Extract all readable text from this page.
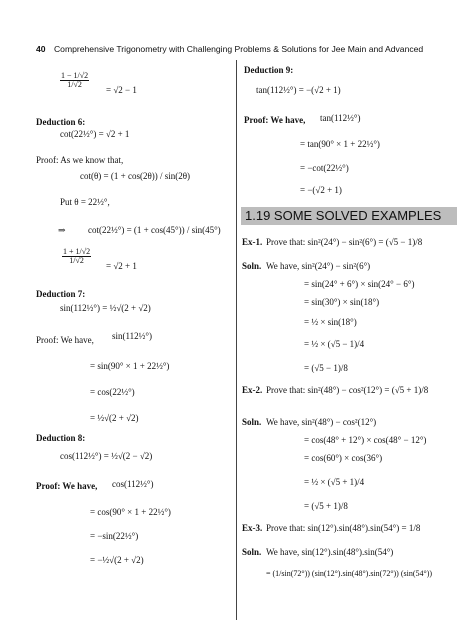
40 Comprehensive Trigonometry with Challenging Problems & Solutions for Jee Main and Advanced
$\frac{1 - 1/√2}{1/√2}$
= √2 − 1
Deduction 6:
cot(22½°) = √2 + 1
Proof: As we know that,
cot(θ) = (1 + cos(2θ)) / sin(2θ)
Put θ = 22½°,
⇒ cot(22½°) = (1 + cos(45°)) / sin(45°)
$\frac{1 + 1/√2}{1/√2}$
= √2 + 1
Deduction 7:
sin(112½°) = ½√(2 + √2)
Proof: We have, sin(112½°)
= sin(90° × 1 + 22½°)
= cos(22½°)
= ½√(2 + √2)
Deduction 8:
cos(112½°) = ½√(2 − √2)
Proof: We have, cos(112½°)
= cos(90° × 1 + 22½°)
= −sin(22½°)
= −½√(2 + √2)
Deduction 9:
tan(112½°) = −(√2 + 1)
Proof: We have, tan(112½°)
= tan(90° × 1 + 22½°)
= −cot(22½°)
= −(√2 + 1)
1.19 SOME SOLVED EXAMPLES
Ex-1. Prove that: sin²(24°) − sin²(6°) = (√5 − 1)/8
Soln. We have, sin²(24°) − sin²(6°)
= sin(24° + 6°) × sin(24° − 6°)
= sin(30°) × sin(18°)
= ½ × sin(18°)
= ½ × (√5 − 1)/4
= (√5 − 1)/8
Ex-2. Prove that: sin²(48°) − cos²(12°) = (√5 + 1)/8
Soln. We have, sin²(48°) − cos²(12°)
= cos(48° + 12°) × cos(48° − 12°)
= cos(60°) × cos(36°)
= ½ × (√5 + 1)/4
= (√5 + 1)/8
Ex-3. Prove that: sin(12°).sin(48°).sin(54°) = 1/8
Soln. We have, sin(12°).sin(48°).sin(54°)
= (1/sin(72°)) (sin(12°).sin(48°).sin(72°)) (sin(54°))
